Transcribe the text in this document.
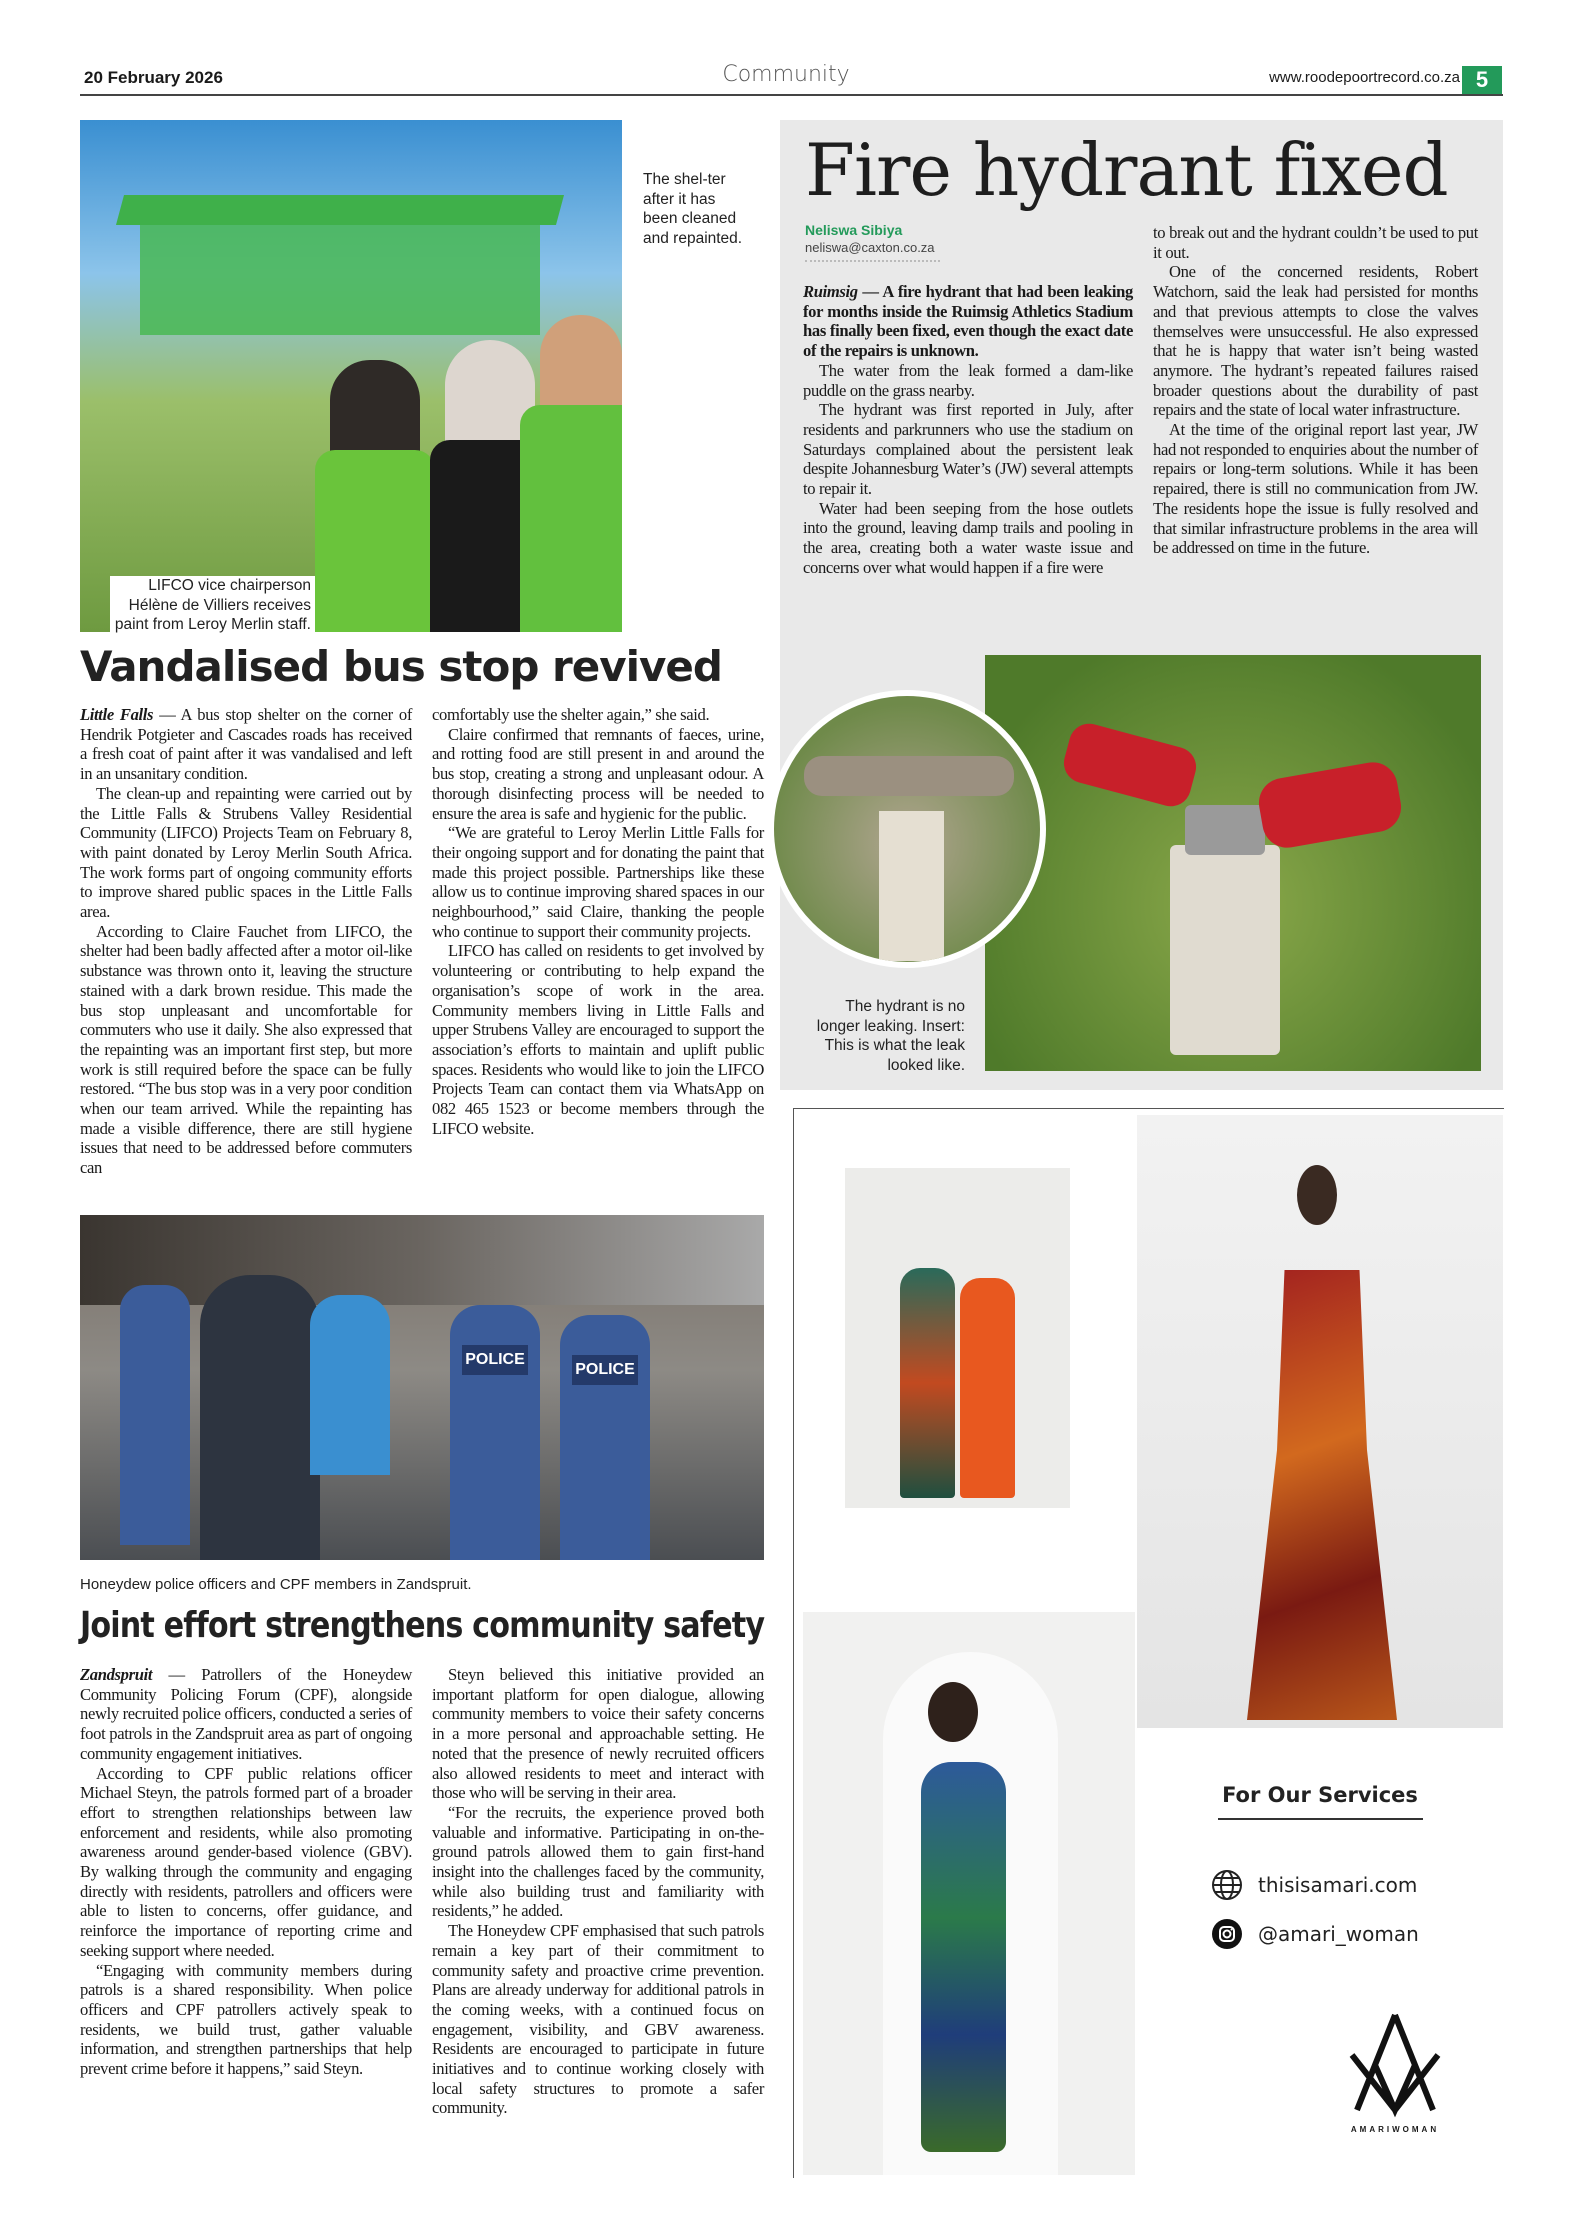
20 February 2026	Community	www.roodepoortrecord.co.za 5
The shel-ter after it has been cleaned and repainted.
LIFCO vice chairperson Hélène de Villiers receives paint from Leroy Merlin staff.
Vandalised bus stop revived

Little Falls — A bus stop shelter on the corner of Hendrik Potgieter and Cascades roads has received a fresh coat of paint after it was vandalised and left in an unsanitary condition.

The clean-up and repainting were carried out by the Little Falls & Strubens Valley Residential Community (LIFCO) Projects Team on February 8, with paint donated by Leroy Merlin South Africa. The work forms part of ongoing community efforts to improve shared public spaces in the Little Falls area.

According to Claire Fauchet from LIFCO, the shelter had been badly affected after a motor oil-like substance was thrown onto it, leaving the structure stained with a dark brown residue. This made the bus stop unpleasant and uncomfortable for commuters who use it daily. She also expressed that the repainting was an important first step, but more work is still required before the space can be fully restored. “The bus stop was in a very poor condition when our team arrived. While the repainting has made a visible difference, there are still hygiene issues that need to be addressed before commuters can

comfortably use the shelter again,” she said.

Claire confirmed that remnants of faeces, urine, and rotting food are still present in and around the bus stop, creating a strong and unpleasant odour. A thorough disinfecting process will be needed to ensure the area is safe and hygienic for the public.

“We are grateful to Leroy Merlin Little Falls for their ongoing support and for donating the paint that made this project possible. Partnerships like these allow us to continue improving shared spaces in our neighbourhood,” said Claire, thanking the people who continue to support their community projects.

LIFCO has called on residents to get involved by volunteering or contributing to help expand the organisation’s scope of work in the area. Community members living in Little Falls and upper Strubens Valley are encouraged to support the association’s efforts to maintain and uplift public spaces. Residents who would like to join the LIFCO Projects Team can contact them via WhatsApp on 082 465 1523 or become members through the LIFCO website.

Fire hydrant fixed
Neliswa Sibiya
neliswa@caxton.co.za

Ruimsig — A fire hydrant that had been leaking for months inside the Ruimsig Athletics Stadium has finally been fixed, even though the exact date of the repairs is unknown.

The water from the leak formed a dam-like puddle on the grass nearby.

The hydrant was first reported in July, after residents and parkrunners who use the stadium on Saturdays complained about the persistent leak despite Johannesburg Water’s (JW) several attempts to repair it.

Water had been seeping from the hose outlets into the ground, leaving damp trails and pooling in the area, creating both a water waste issue and concerns over what would happen if a fire were

to break out and the hydrant couldn’t be used to put it out.

One of the concerned residents, Robert Watchorn, said the leak had persisted for months and that previous attempts to close the valves themselves were unsuccessful. He also expressed that he is happy that water isn’t being wasted anymore. The hydrant’s repeated failures raised broader questions about the durability of past repairs and the state of local water infrastructure.

At the time of the original report last year, JW had not responded to enquiries about the number of repairs or long-term solutions. While it has been repaired, there is still no communication from JW. The residents hope the issue is fully resolved and that similar infrastructure problems in the area will be addressed on time in the future.

The hydrant is no longer leaking. Insert: This is what the leak looked like.
POLICE
POLICE
Honeydew police officers and CPF members in Zandspruit.
Joint effort strengthens community safety

Zandspruit — Patrollers of the Honeydew Community Policing Forum (CPF), alongside newly recruited police officers, conducted a series of foot patrols in the Zandspruit area as part of ongoing community engagement initiatives.

According to CPF public relations officer Michael Steyn, the patrols formed part of a broader effort to strengthen relationships between law enforcement and residents, while also promoting awareness around gender-based violence (GBV). By walking through the community and engaging directly with residents, patrollers and officers were able to listen to concerns, offer guidance, and reinforce the importance of reporting crime and seeking support where needed.

“Engaging with community members during patrols is a shared responsibility. When police officers and CPF patrollers actively speak to residents, we build trust, gather valuable information, and strengthen partnerships that help prevent crime before it happens,” said Steyn.

Steyn believed this initiative provided an important platform for open dialogue, allowing community members to voice their safety concerns in a more personal and approachable setting. He noted that the presence of newly recruited officers also allowed residents to meet and interact with those who will be serving in their area.

“For the recruits, the experience proved both valuable and informative. Participating in on-the-ground patrols allowed them to gain first-hand insight into the challenges faced by the community, while also building trust and familiarity with residents,” he added.

The Honeydew CPF emphasised that such patrols remain a key part of their commitment to community safety and proactive crime prevention. Plans are already underway for additional patrols in the coming weeks, with a continued focus on engagement, visibility, and GBV awareness. Residents are encouraged to participate in future initiatives and to continue working closely with local safety structures to promote a safer community.

For Our Services
thisisamari.com
@amari_woman
AMARIWOMAN
